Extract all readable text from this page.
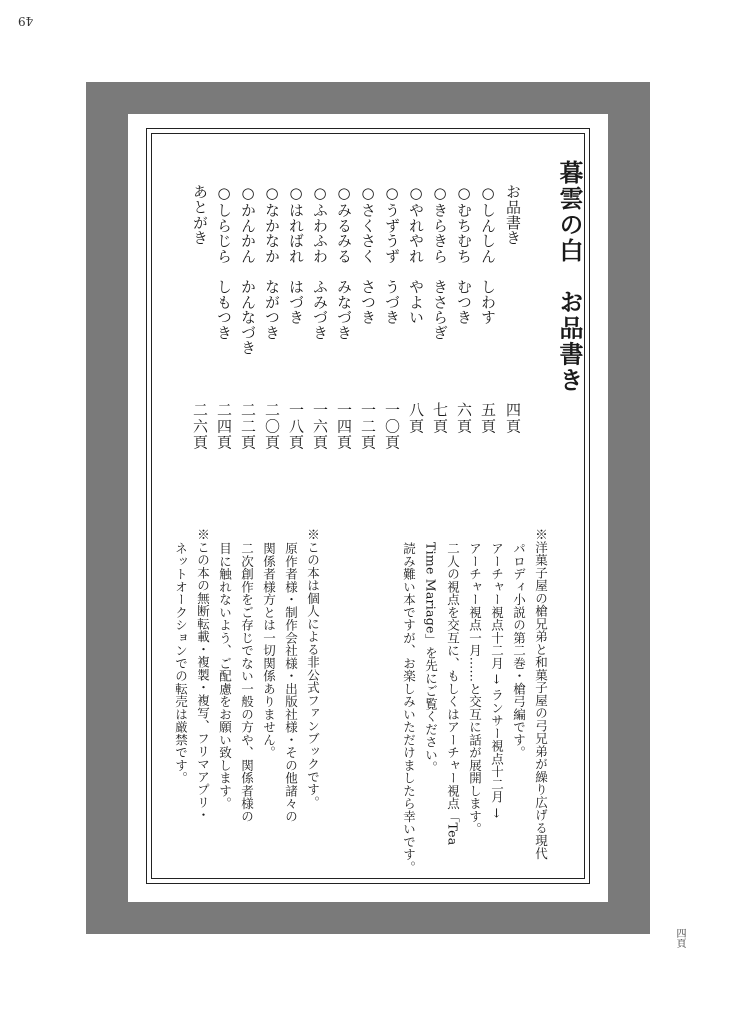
49
暮雲の白　お品書き
お品書き
四頁
○しんしん　しわす
五頁
○むちむち　むつき
六頁
○きらきら　きさらぎ
七頁
○やれやれ　やよい
八頁
○うずうず　うづき
一〇頁
○さくさく　さつき
一二頁
○みるみる　みなづき
一四頁
○ふわふわ　ふみづき
一六頁
○はればれ　はづき
一八頁
○なかなか　ながつき
二〇頁
○かんかん　かんなづき
二二頁
○しらじら　しもつき
二四頁
あとがき
二六頁
※洋菓子屋の槍兄弟と和菓子屋の弓兄弟が繰り広げる現代
パロディ小説の第二巻・槍弓編です。
アーチャー視点十二月 → ランサー視点十二月 →
アーチャー視点一月……と交互に話が展開します。
二人の視点を交互に、もしくはアーチャー視点「Tea
Time Mariage」を先にご覧ください。
読み難い本ですが、お楽しみいただけましたら幸いです。
※この本は個人による非公式ファンブックです。
原作者様・制作会社様・出版社様・その他諸々の
関係者様方とは一切関係ありません。
二次創作をご存じでない一般の方や、関係者様の
目に触れないよう、ご配慮をお願い致します。
※この本の無断転載・複製・複写、フリマアプリ・
ネットオークションでの転売は厳禁です。
四頁
